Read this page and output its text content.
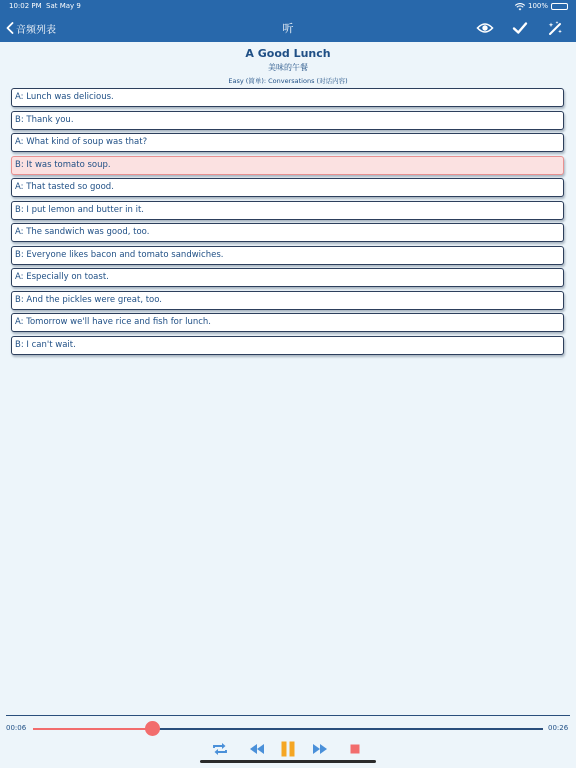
10:02 PM Sat May 9	100%
音频列表	听
A Good Lunch
美味的午餐
Easy (简单): Conversations (对话内容)
A: Lunch was delicious.
B: Thank you.
A: What kind of soup was that?
B: It was tomato soup.
A: That tasted so good.
B: I put lemon and butter in it.
A: The sandwich was good, too.
B: Everyone likes bacon and tomato sandwiches.
A: Especially on toast.
B: And the pickles were great, too.
A: Tomorrow we'll have rice and fish for lunch.
B: I can't wait.
00:06	00:26
